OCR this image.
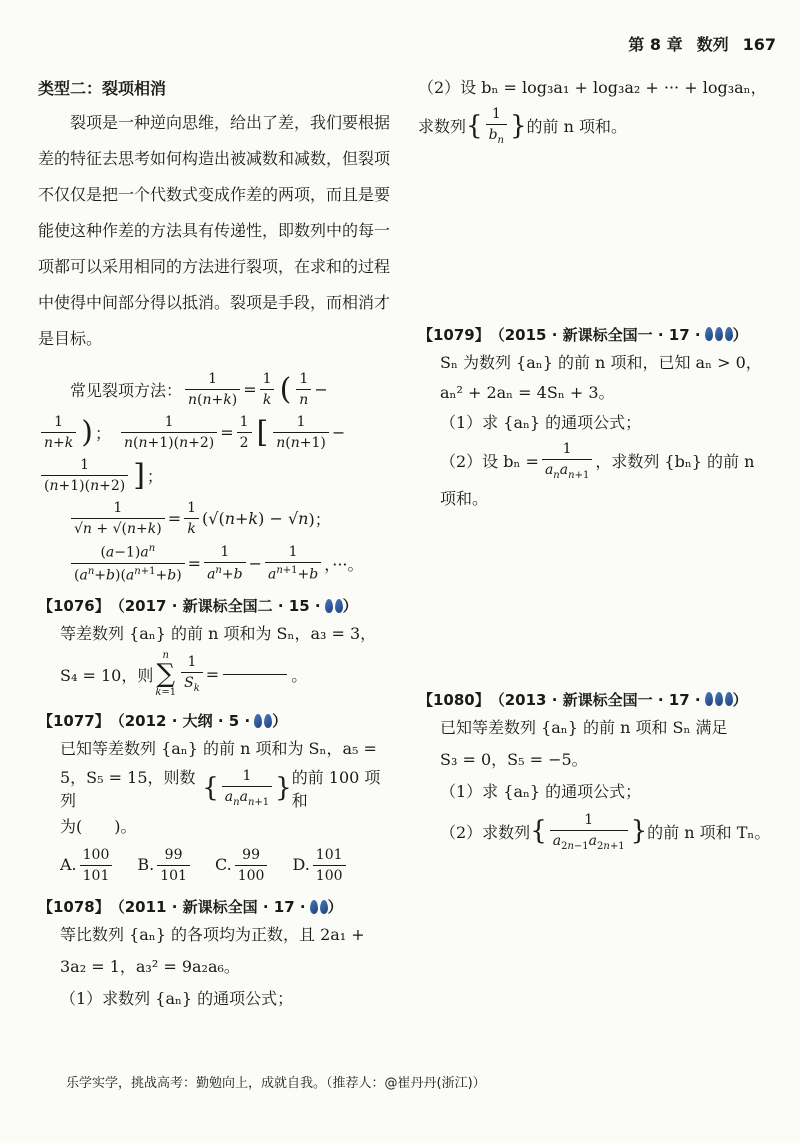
第 8 章 数列 167
类型二：裂项相消
裂项是一种逆向思维，给出了差，我们要根据差的特征去思考如何构造出被减数和减数，但裂项不仅仅是把一个代数式变成作差的两项，而且是要能使这种作差的方法具有传递性，即数列中的每一项都可以采用相同的方法进行裂项，在求和的过程中使得中间部分得以抵消。裂项是手段，而相消才是目标。
常见裂项方法： $\frac{1}{n(n+k)} = \frac{1}{k}$ ( $\frac{1}{n}$ −
$\frac{1}{n+k}$ ) ； $\frac{1}{n(n+1)(n+2)} = \frac{1}{2}$ [ $\frac{1}{n(n+1)}$ −
$\frac{1}{(n+1)(n+2)}$ ] ；
$\frac{1}{√n + √(n+k)} = \frac{1}{k}$ (√( n + k ) − √ n )；
$\frac{(a-1)a^n}{(a^n+b)(a^{n+1}+b)} = \frac{1}{a^n+b} - \frac{1}{a^{n+1}+b}$ ，···。
【1076】 （2017 · 新课标全国二 · 15 · ）
等差数列 {aₙ} 的前 n 项和为 Sₙ，a₃ = 3，
S₄ = 10，则
n
∑
$k=1 \frac{1}{S_k}$ =	。
【1077】 （2012 · 大纲 · 5 · ）
已知等差数列 {aₙ} 的前 n 项和为 Sₙ，a₅ =
5，S₅ = 15，则数列	{ $\frac{1}{a_na_{n+1}}$ } 的前 100 项和
为(　　)。
A. $\frac{100}{101} B$. $\frac{99}{101} C$. $\frac{99}{100} D$. $\frac{101}{100}$
【1078】 （2011 · 新课标全国 · 17 · ）
等比数列 {aₙ} 的各项均为正数，且 2a₁ +
3a₂ = 1，a₃² = 9a₂a₆。
（1）求数列 {aₙ} 的通项公式；
（2）设 bₙ = log₃a₁ + log₃a₂ + ··· + log₃aₙ，
求数列 { $\frac{1}{b_n}$ } 的前 n 项和。
【1079】 （2015 · 新课标全国一 · 17 · ）
Sₙ 为数列 {aₙ} 的前 n 项和，已知 aₙ > 0，
aₙ² + 2aₙ = 4Sₙ + 3。
（1）求 {aₙ} 的通项公式；
（2）设 $b_n = \frac{1}{a_na_{n+1}}$ ，求数列 {bₙ} 的前 n
项和。
【1080】 （2013 · 新课标全国一 · 17 · ）
已知等差数列 {aₙ} 的前 n 项和 Sₙ 满足
S₃ = 0，S₅ = −5。
（1）求 {aₙ} 的通项公式；
（2）求数列 { $\frac{1}{a_{2n-1}a_{2n+1}}$ } 的前 n 项和 Tₙ。
乐学实学，挑战高考：勤勉向上，成就自我。（推荐人：@崔丹丹(浙江)）
